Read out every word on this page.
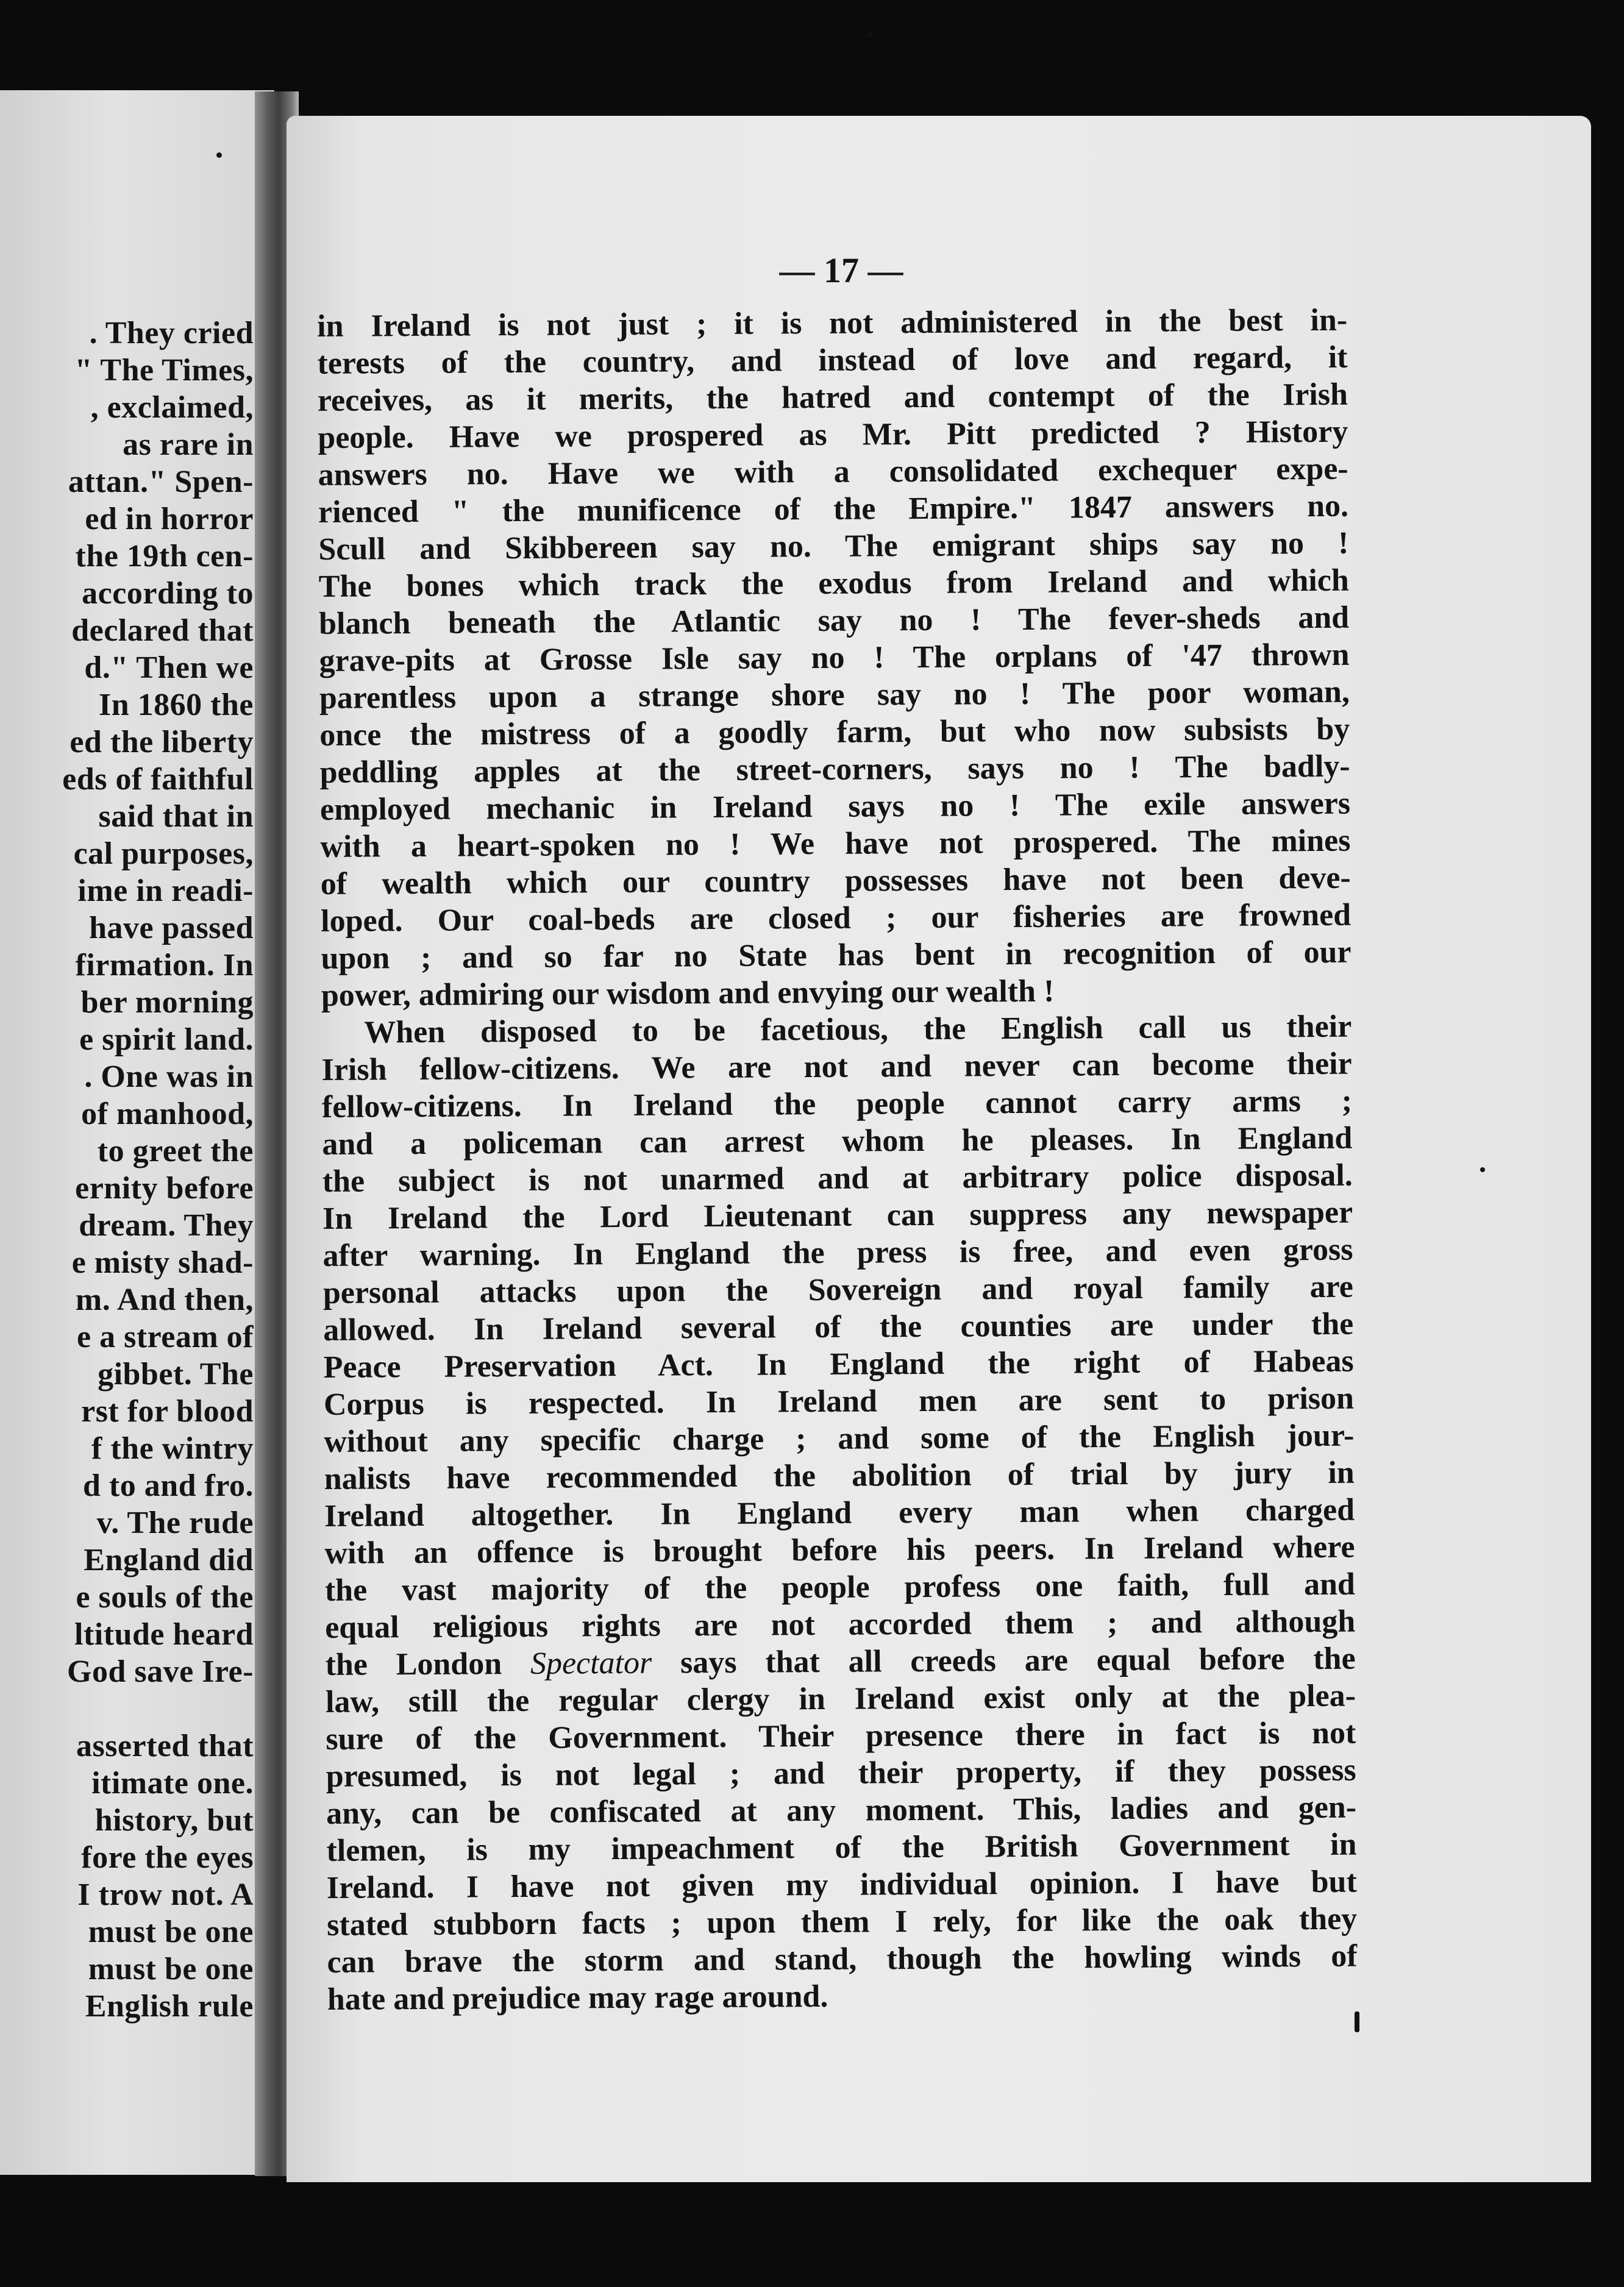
. They cried
" The Times,
, exclaimed,
as rare in
attan." Spen-
ed in horror
the 19th cen-
according to
declared that
d." Then we
In 1860 the
ed the liberty
eds of faithful
said that in
cal purposes,
ime in readi-
have passed
firmation. In
ber morning
e spirit land.
. One was in
of manhood,
to greet the
ernity before
dream. They
e misty shad-
m. And then,
e a stream of
gibbet. The
rst for blood
f the wintry
d to and fro.
v. The rude
England did
e souls of the
ltitude heard
God save Ire-
asserted that
itimate one.
history, but
fore the eyes
I trow not. A
must be one
must be one
English rule
— 17 —
in Ireland is not just ; it is not administered in the best in-
terests of the country, and instead of love and regard, it
receives, as it merits, the hatred and contempt of the Irish
people. Have we prospered as Mr. Pitt predicted ? History
answers no. Have we with a consolidated exchequer expe-
rienced " the munificence of the Empire." 1847 answers no.
Scull and Skibbereen say no. The emigrant ships say no !
The bones which track the exodus from Ireland and which
blanch beneath the Atlantic say no ! The fever-sheds and
grave-pits at Grosse Isle say no ! The orplans of '47 thrown
parentless upon a strange shore say no ! The poor woman,
once the mistress of a goodly farm, but who now subsists by
peddling apples at the street-corners, says no ! The badly-
employed mechanic in Ireland says no ! The exile answers
with a heart-spoken no ! We have not prospered. The mines
of wealth which our country possesses have not been deve-
loped. Our coal-beds are closed ; our fisheries are frowned
upon ; and so far no State has bent in recognition of our
power, admiring our wisdom and envying our wealth !
When disposed to be facetious, the English call us their
Irish fellow-citizens. We are not and never can become their
fellow-citizens. In Ireland the people cannot carry arms ;
and a policeman can arrest whom he pleases. In England
the subject is not unarmed and at arbitrary police disposal.
In Ireland the Lord Lieutenant can suppress any newspaper
after warning. In England the press is free, and even gross
personal attacks upon the Sovereign and royal family are
allowed. In Ireland several of the counties are under the
Peace Preservation Act. In England the right of Habeas
Corpus is respected. In Ireland men are sent to prison
without any specific charge ; and some of the English jour-
nalists have recommended the abolition of trial by jury in
Ireland altogether. In England every man when charged
with an offence is brought before his peers. In Ireland where
the vast majority of the people profess one faith, full and
equal religious rights are not accorded them ; and although
the London Spectator says that all creeds are equal before the
law, still the regular clergy in Ireland exist only at the plea-
sure of the Government. Their presence there in fact is not
presumed, is not legal ; and their property, if they possess
any, can be confiscated at any moment. This, ladies and gen-
tlemen, is my impeachment of the British Government in
Ireland. I have not given my individual opinion. I have but
stated stubborn facts ; upon them I rely, for like the oak they
can brave the storm and stand, though the howling winds of
hate and prejudice may rage around.
